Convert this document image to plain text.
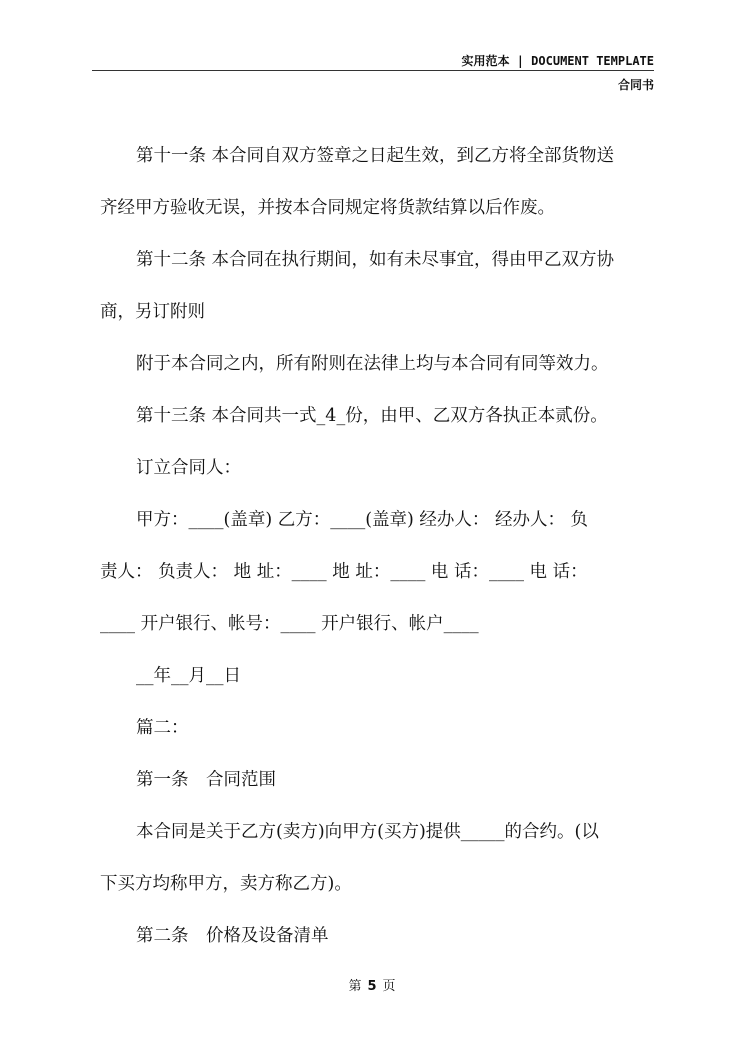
实用范本 | DOCUMENT TEMPLATE
合同书

第十一条 本合同自双方签章之日起生效，到乙方将全部货物送

齐经甲方验收无误，并按本合同规定将货款结算以后作废。

第十二条 本合同在执行期间，如有未尽事宜，得由甲乙双方协

商，另订附则

附于本合同之内，所有附则在法律上均与本合同有同等效力。

第十三条 本合同共一式_4_份，由甲、乙双方各执正本贰份。

订立合同人：

甲方：____(盖章) 乙方：____(盖章) 经办人： 经办人： 负

责人： 负责人： 地 址：____ 地 址：____ 电 话：____ 电 话：

____ 开户银行、帐号：____ 开户银行、帐户____

__年__月__日

篇二：

第一条　合同范围

本合同是关于乙方(卖方)向甲方(买方)提供_____的合约。(以

下买方均称甲方，卖方称乙方)。

第二条　价格及设备清单

第 5 页
